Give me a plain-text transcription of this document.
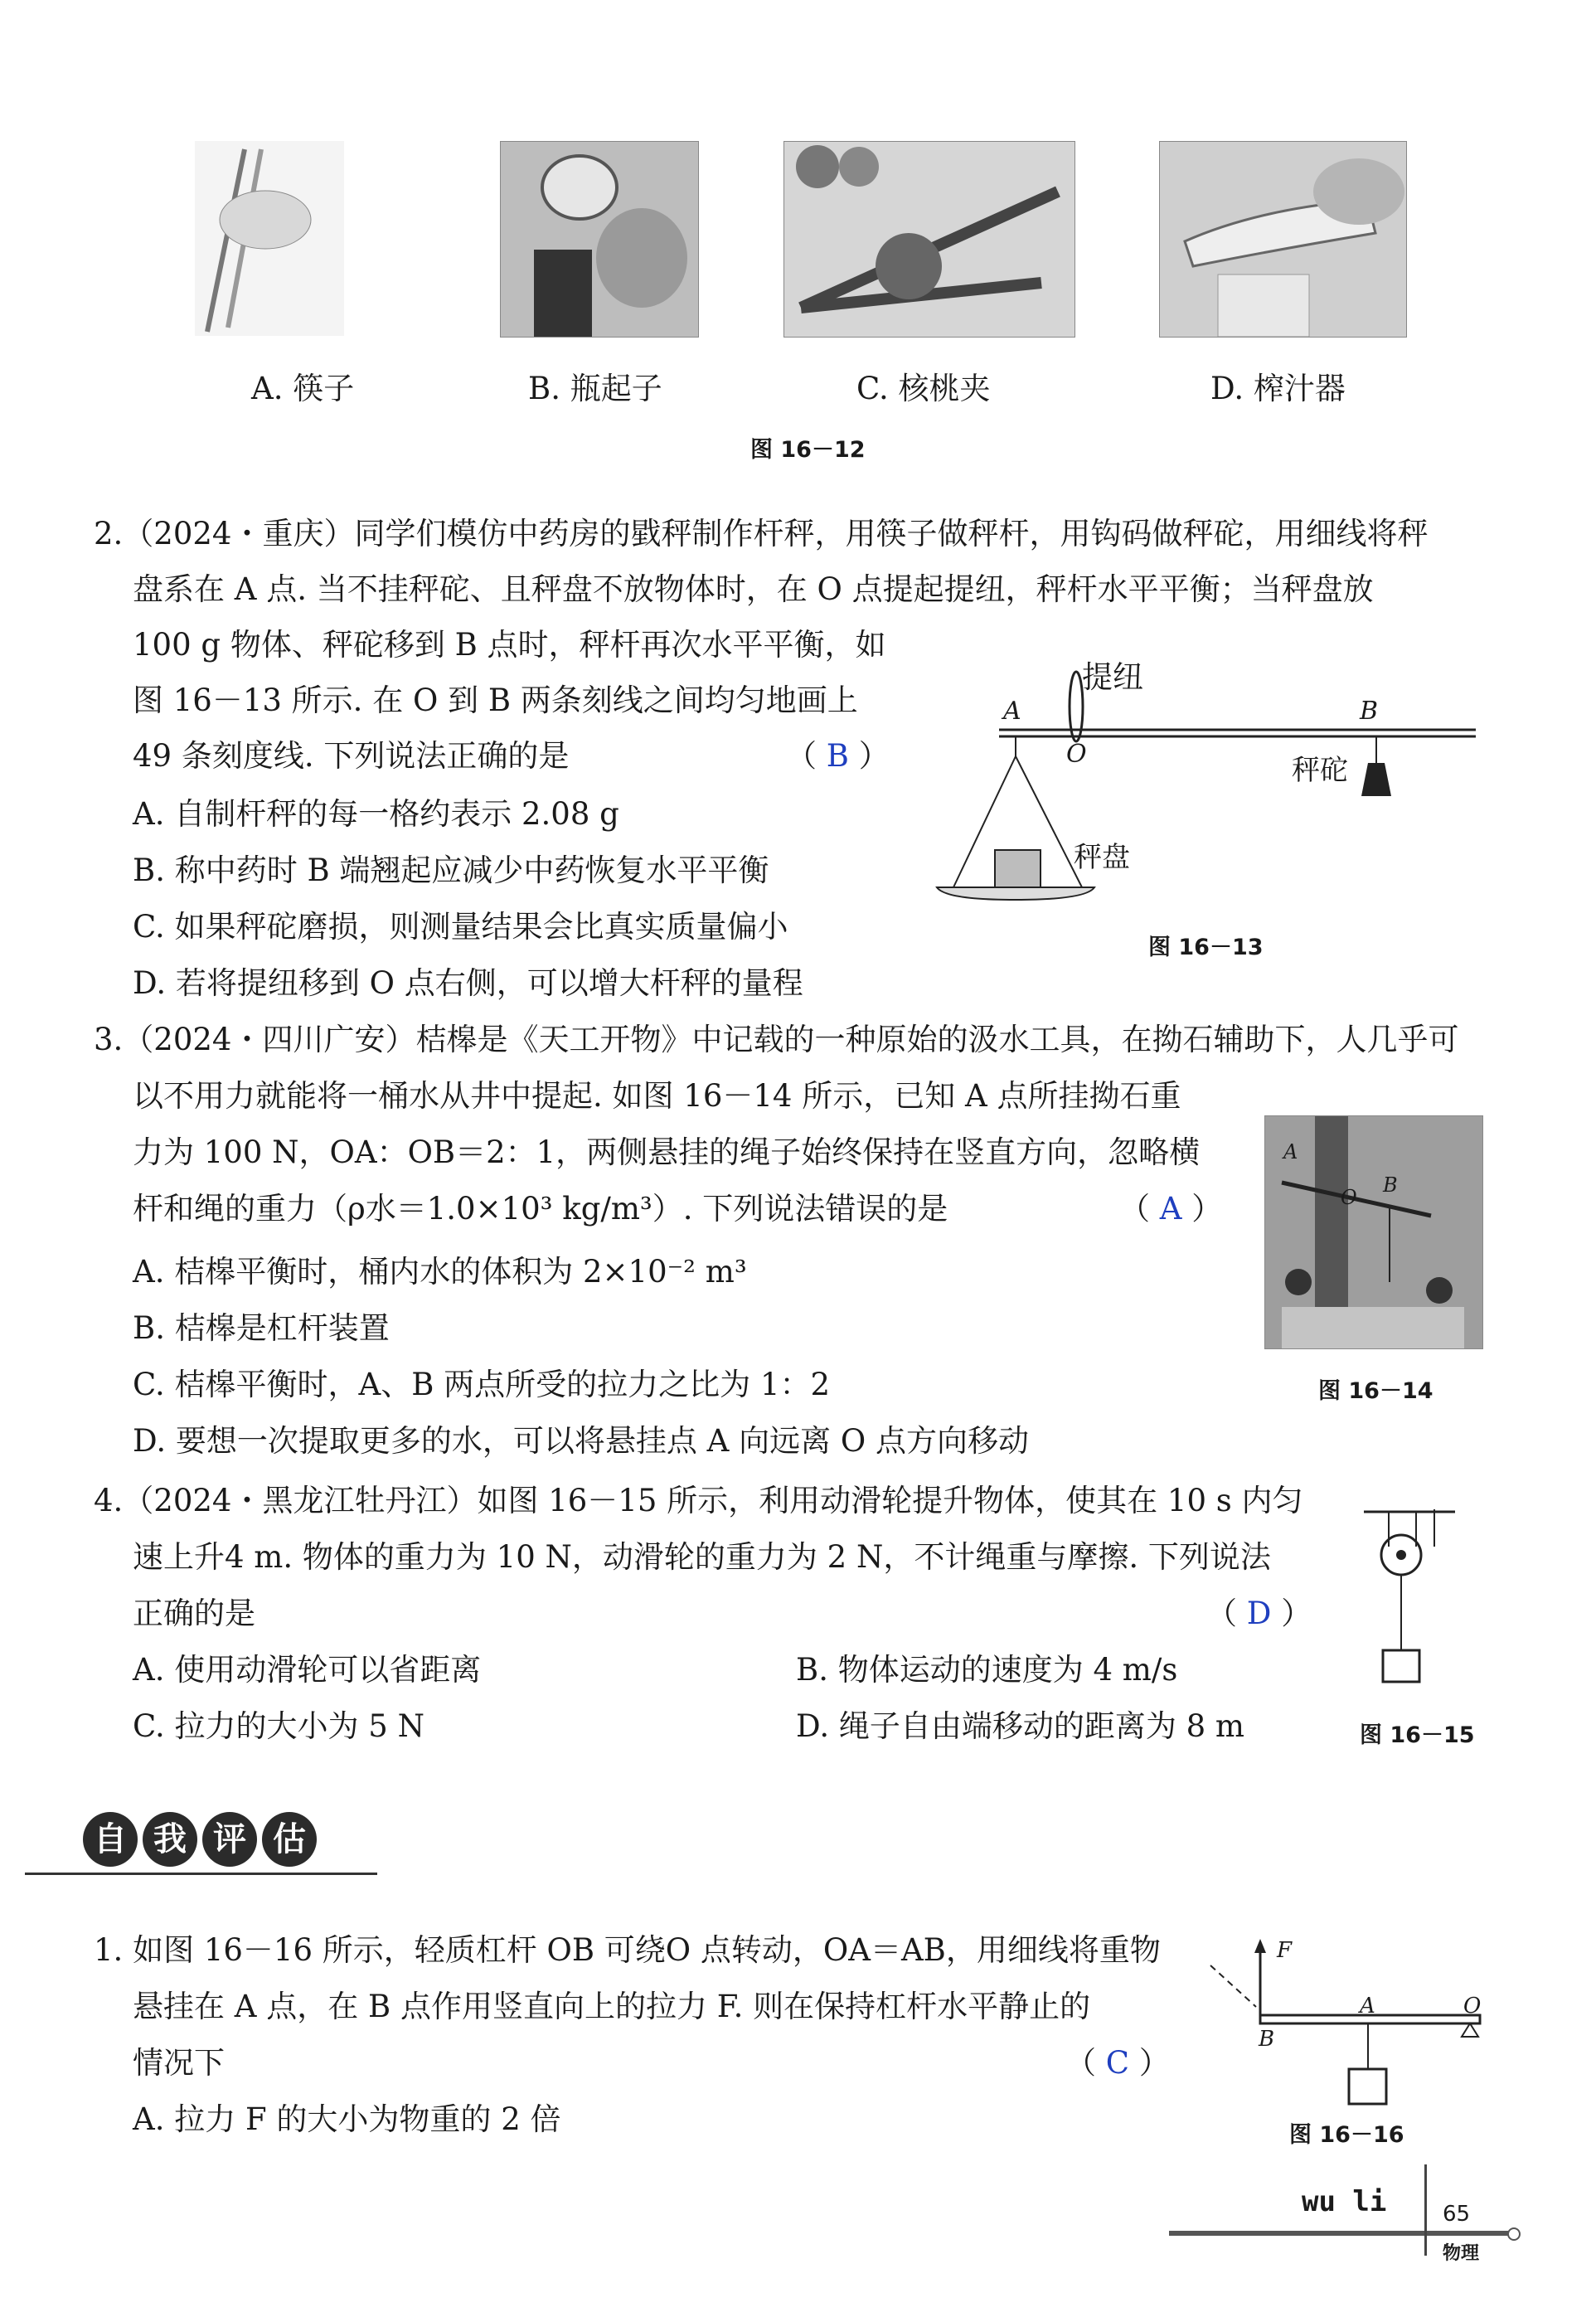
A. 筷子	B. 瓶起子	C. 核桃夹	D. 榨汁器
图 16－12
2.（2024・重庆）同学们模仿中药房的戥秤制作杆秤，用筷子做秤杆，用钩码做秤砣，用细线将秤
盘系在 A 点. 当不挂秤砣、且秤盘不放物体时，在 O 点提起提纽，秤杆水平平衡；当秤盘放
100 g 物体、秤砣移到 B 点时，秤杆再次水平平衡，如
图 16－13 所示. 在 O 到 B 两条刻线之间均匀地画上
49 条刻度线. 下列说法正确的是	（ B ）
A. 自制杆秤的每一格约表示 2.08 g
B. 称中药时 B 端翘起应减少中药恢复水平平衡
C. 如果秤砣磨损，则测量结果会比真实质量偏小
D. 若将提纽移到 O 点右侧，可以增大杆秤的量程
提纽
A
O
B
秤砣
秤盘
图 16－13
3.（2024・四川广安）桔槔是《天工开物》中记载的一种原始的汲水工具，在拗石辅助下，人几乎可
以不用力就能将一桶水从井中提起. 如图 16－14 所示，已知 A 点所挂拗石重
力为 100 N，OA：OB＝2：1，两侧悬挂的绳子始终保持在竖直方向，忽略横
杆和绳的重力（ρ水＝1.0×10³ kg/m³）. 下列说法错误的是	（ A ）
A. 桔槔平衡时，桶内水的体积为 2×10⁻² m³
B. 桔槔是杠杆装置
C. 桔槔平衡时，A、B 两点所受的拉力之比为 1：2
D. 要想一次提取更多的水，可以将悬挂点 A 向远离 O 点方向移动
A
O
B
图 16－14
4.（2024・黑龙江牡丹江）如图 16－15 所示，利用动滑轮提升物体，使其在 10 s 内匀
速上升4 m. 物体的重力为 10 N，动滑轮的重力为 2 N，不计绳重与摩擦. 下列说法
正确的是	（ D ）
A. 使用动滑轮可以省距离	B. 物体运动的速度为 4 m/s
C. 拉力的大小为 5 N	D. 绳子自由端移动的距离为 8 m	图 16－15
自 我 评 估
1. 如图 16－16 所示，轻质杠杆 OB 可绕O 点转动，OA＝AB，用细线将重物
悬挂在 A 点，在 B 点作用竖直向上的拉力 F. 则在保持杠杆水平静止的
情况下	（ C ）
A. 拉力 F 的大小为物重的 2 倍
F
A	O
B
图 16－16
wu li	65
物理
